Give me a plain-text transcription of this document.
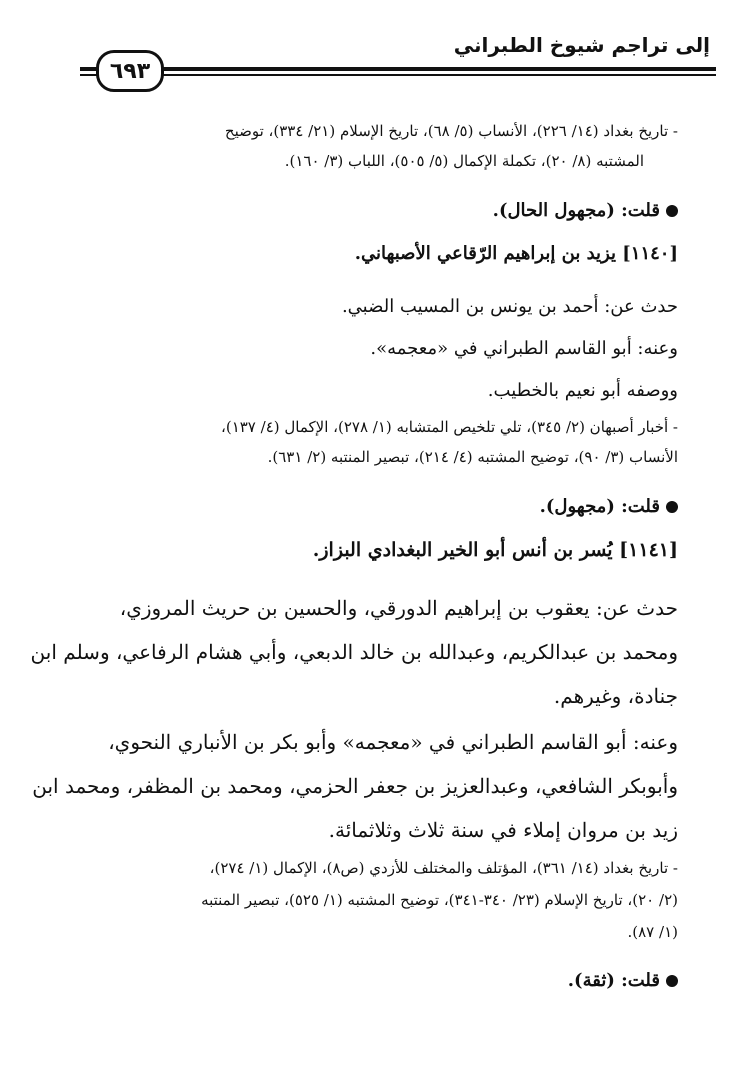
إلى تراجم شيوخ الطبراني
٦٩٣
- تاريخ بغداد (١٤/ ٢٢٦)، الأنساب (٥/ ٦٨)، تاريخ الإسلام (٢١/ ٣٣٤)، توضيح
المشتبه (٨/ ٢٠)، تكملة الإكمال (٥/ ٥٠٥)، اللباب (٣/ ١٦٠).
قلت: (مجهول الحال).
[١١٤٠] يزيد بن إبراهيم الرّقاعي الأصبهاني.
حدث عن: أحمد بن يونس بن المسيب الضبي.
وعنه: أبو القاسم الطبراني في «معجمه».
ووصفه أبو نعيم بالخطيب.
- أخبار أصبهان (٢/ ٣٤٥)، تلي تلخيص المتشابه (١/ ٢٧٨)، الإكمال (٤/ ١٣٧)،
الأنساب (٣/ ٩٠)، توضيح المشتبه (٤/ ٢١٤)، تبصير المنتبه (٢/ ٦٣١).
قلت: (مجهول).
[١١٤١] يُسر بن أنس أبو الخير البغدادي البزاز.
حدث عن: يعقوب بن إبراهيم الدورقي، والحسين بن حريث المروزي،
ومحمد بن عبدالكريم، وعبدالله بن خالد الدبعي، وأبي هشام الرفاعي، وسلم ابن
جنادة، وغيرهم.
وعنه: أبو القاسم الطبراني في «معجمه» وأبو بكر بن الأنباري النحوي،
وأبوبكر الشافعي، وعبدالعزيز بن جعفر الحزمي، ومحمد بن المظفر، ومحمد ابن
زيد بن مروان إملاء في سنة ثلاث وثلاثمائة.
- تاريخ بغداد (١٤/ ٣٦١)، المؤتلف والمختلف للأزدي (ص٨)، الإكمال (١/ ٢٧٤)،
(٢/ ٢٠)، تاريخ الإسلام (٢٣/ ٣٤٠-٣٤١)، توضيح المشتبه (١/ ٥٢٥)، تبصير المنتبه
(١/ ٨٧).
قلت: (ثقة).
